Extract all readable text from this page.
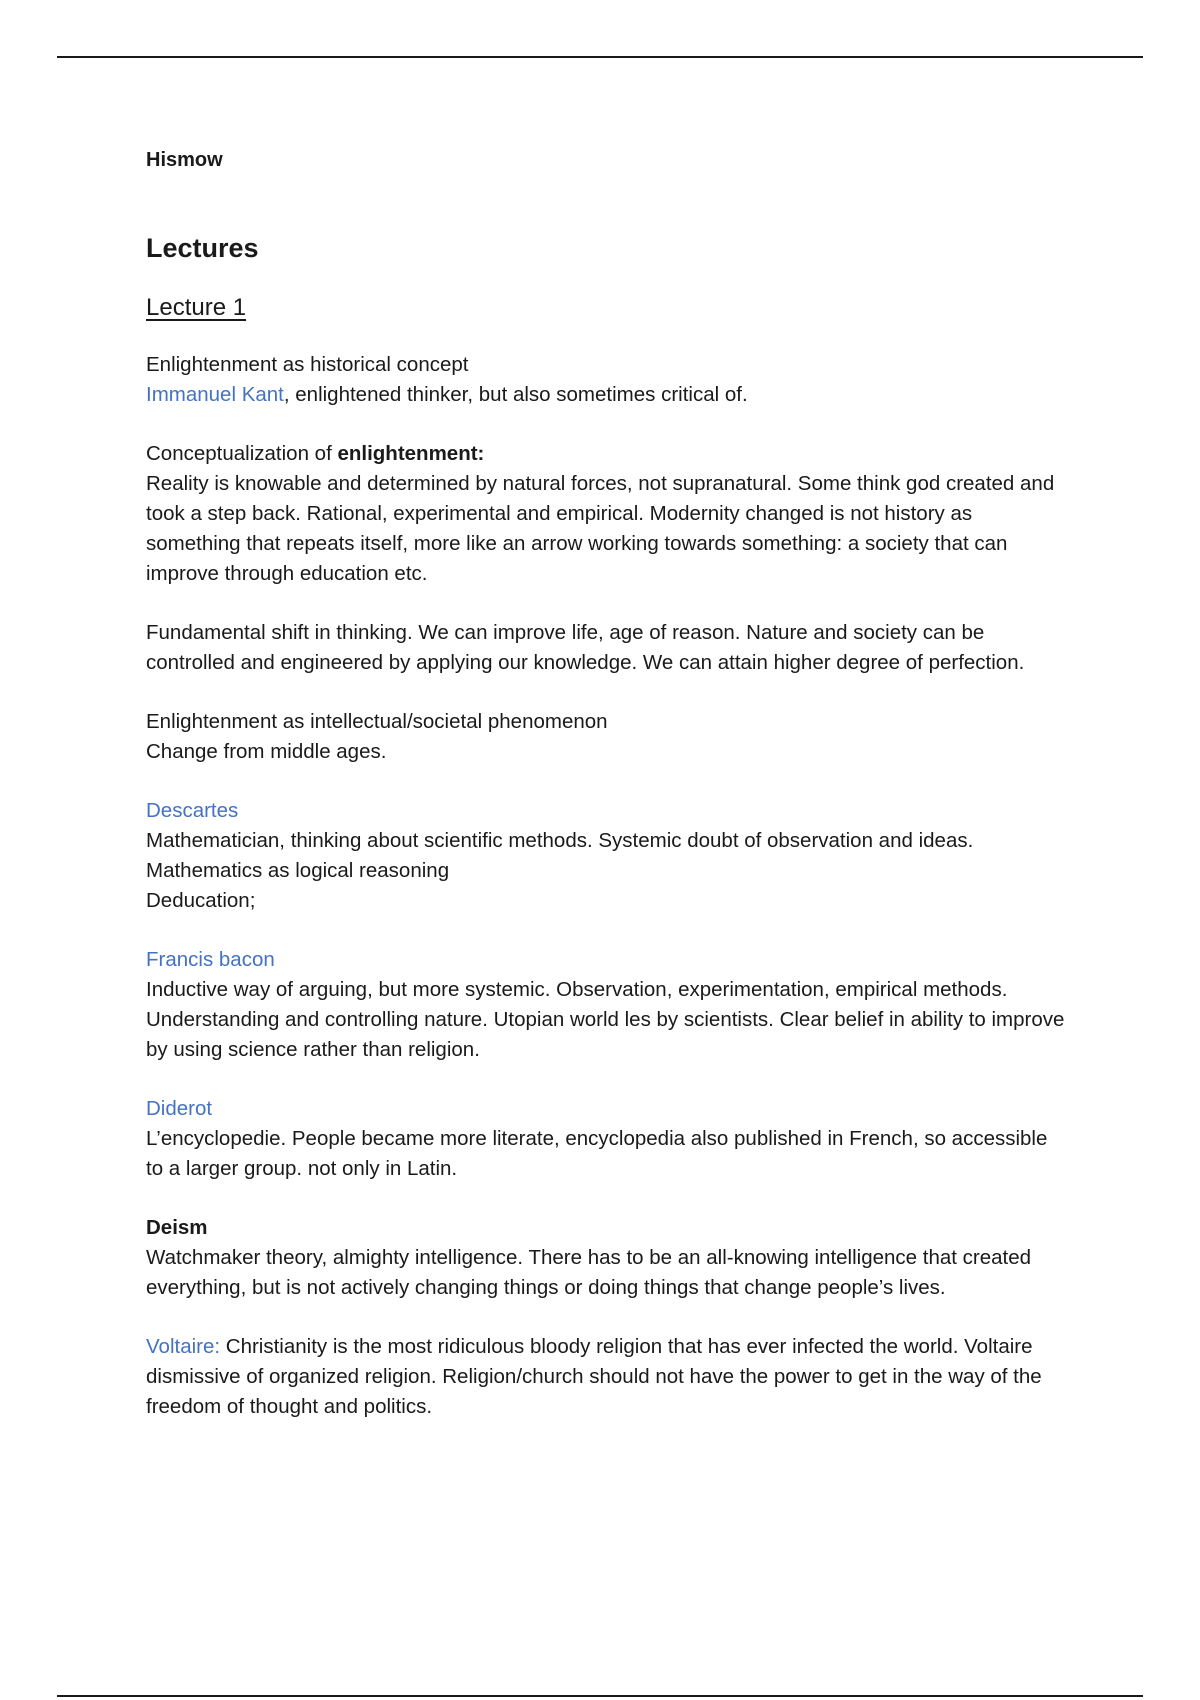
Hismow
Lectures
Lecture 1

Enlightenment as historical concept

Immanuel Kant, enlightened thinker, but also sometimes critical of.

Conceptualization of enlightenment:

Reality is knowable and determined by natural forces, not supranatural. Some think god created and took a step back. Rational, experimental and empirical. Modernity changed is not history as something that repeats itself, more like an arrow working towards something: a society that can improve through education etc.

Fundamental shift in thinking. We can improve life, age of reason. Nature and society can be controlled and engineered by applying our knowledge. We can attain higher degree of perfection.

Enlightenment as intellectual/societal phenomenon

Change from middle ages.

Descartes

Mathematician, thinking about scientific methods. Systemic doubt of observation and ideas.

Mathematics as logical reasoning

Deducation;

Francis bacon

Inductive way of arguing, but more systemic. Observation, experimentation, empirical methods. Understanding and controlling nature. Utopian world les by scientists. Clear belief in ability to improve by using science rather than religion.

Diderot

L’encyclopedie. People became more literate, encyclopedia also published in French, so accessible to a larger group. not only in Latin.

Deism

Watchmaker theory, almighty intelligence. There has to be an all-knowing intelligence that created everything, but is not actively changing things or doing things that change people’s lives.

Voltaire: Christianity is the most ridiculous bloody religion that has ever infected the world. Voltaire dismissive of organized religion. Religion/church should not have the power to get in the way of the freedom of thought and politics.
